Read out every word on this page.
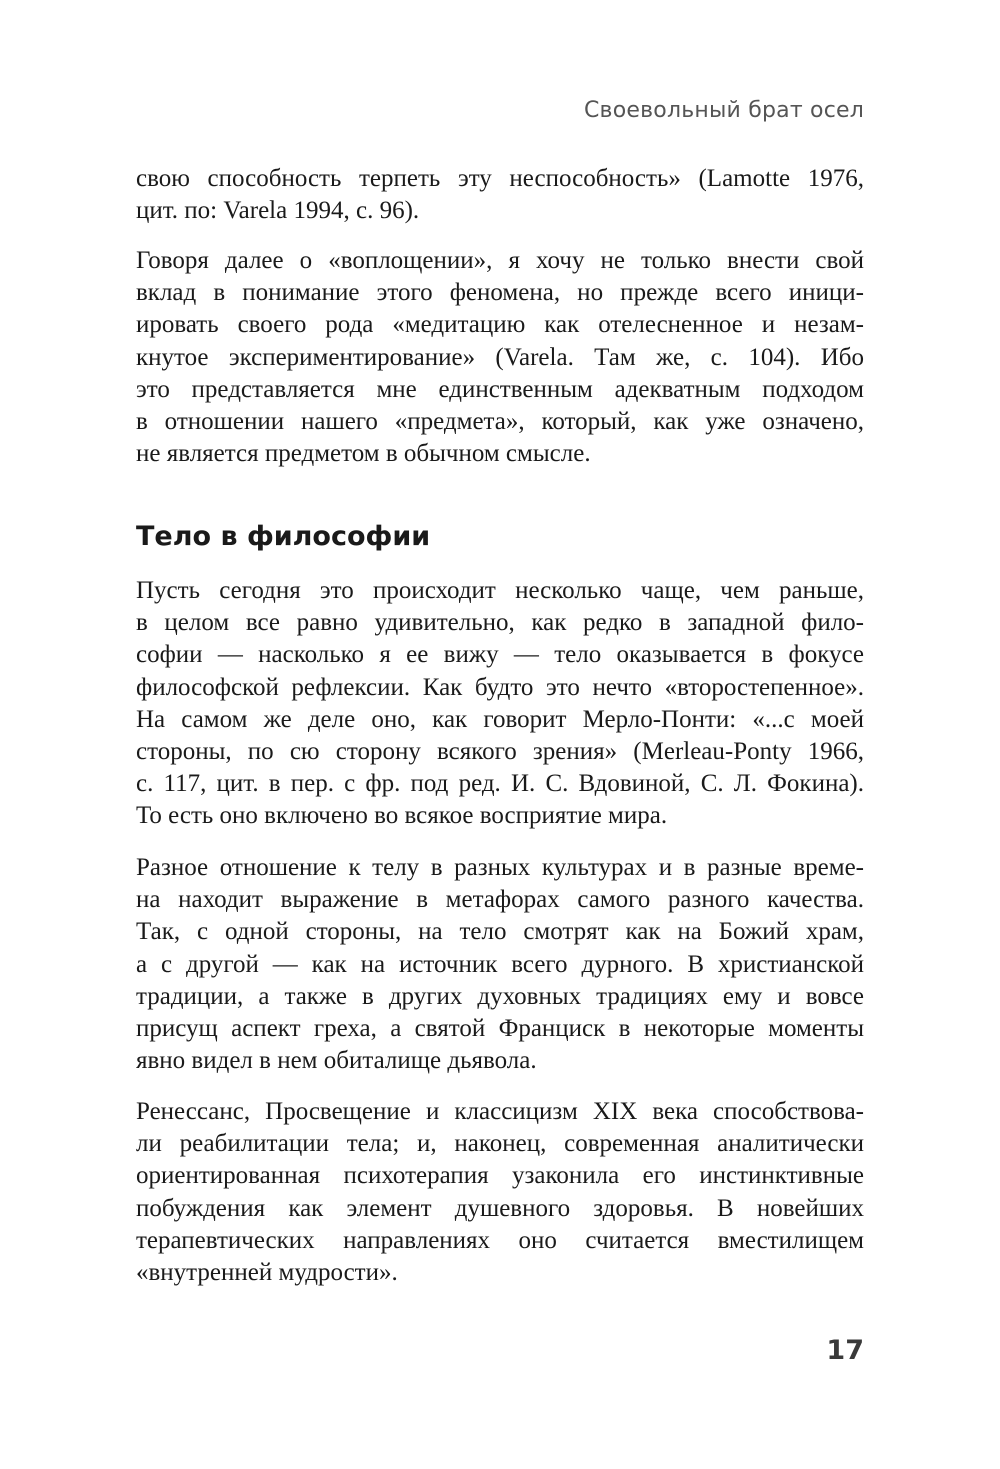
Своевольный брат осел

свою способность терпеть эту неспособность» (Lamotte 1976,
цит. по: Varela 1994, с. 96).

Говоря далее о «воплощении», я хочу не только внести свой
вклад в понимание этого феномена, но прежде всего иници-
ировать своего рода «медитацию как отелесненное и незам-
кнутое экспериментирование» (Varela. Там же, с. 104). Ибо
это представляется мне единственным адекватным подходом
в отношении нашего «предмета», который, как уже означено,
не является предметом в обычном смысле.

Тело в философии

Пусть сегодня это происходит несколько чаще, чем раньше,
в целом все равно удивительно, как редко в западной фило-
софии — насколько я ее вижу — тело оказывается в фокусе
философской рефлексии. Как будто это нечто «второстепенное».
На самом же деле оно, как говорит Мерло-Понти: «...с моей
стороны, по сю сторону всякого зрения» (Merleau-Ponty 1966,
с. 117, цит. в пер. с фр. под ред. И. С. Вдовиной, С. Л. Фокина).
То есть оно включено во всякое восприятие мира.

Разное отношение к телу в разных культурах и в разные време-
на находит выражение в метафорах самого разного качества.
Так, с одной стороны, на тело смотрят как на Божий храм,
а с другой — как на источник всего дурного. В христианской
традиции, а также в других духовных традициях ему и вовсе
присущ аспект греха, а святой Франциск в некоторые моменты
явно видел в нем обиталище дьявола.

Ренессанс, Просвещение и классицизм XIX века способствова-
ли реабилитации тела; и, наконец, современная аналитически
ориентированная психотерапия узаконила его инстинктивные
побуждения как элемент душевного здоровья. В новейших
терапевтических направлениях оно считается вместилищем
«внутренней мудрости».

17
